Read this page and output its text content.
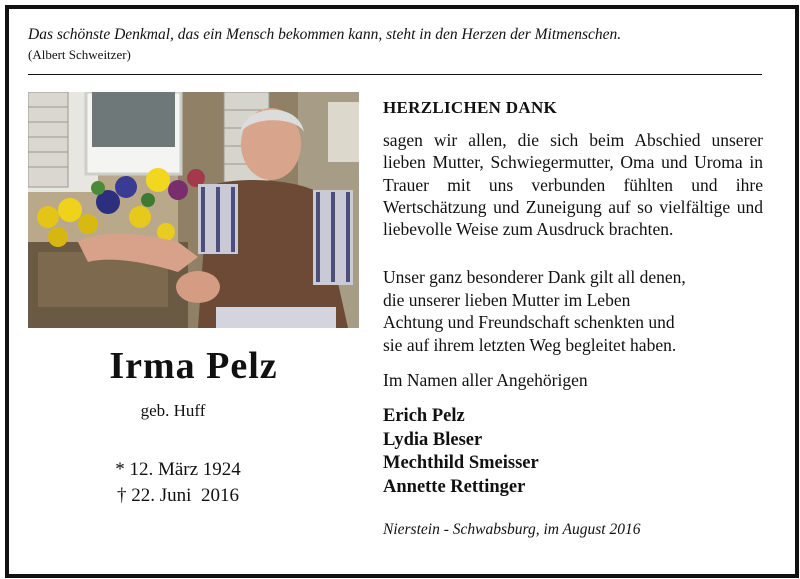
Das schönste Denkmal, das ein Mensch bekommen kann, steht in den Herzen der Mitmenschen.
(Albert Schweitzer)
Irma Pelz
geb. Huff
* 12. März 1924
† 22. Juni  2016
HERZLICHEN DANK
sagen wir allen, die sich beim Abschied unserer lieben Mutter, Schwiegermutter, Oma und Uroma in Trauer mit uns verbunden fühlten und ihre Wertschätzung und Zuneigung auf so vielfältige und liebevolle Weise zum Ausdruck brachten.
Unser ganz besonderer Dank gilt all denen,
die unserer lieben Mutter im Leben
Achtung und Freundschaft schenkten und
sie auf ihrem letzten Weg begleitet haben.
Im Namen aller Angehörigen
Erich Pelz
Lydia Bleser
Mechthild Smeisser
Annette Rettinger
Nierstein - Schwabsburg, im August 2016
